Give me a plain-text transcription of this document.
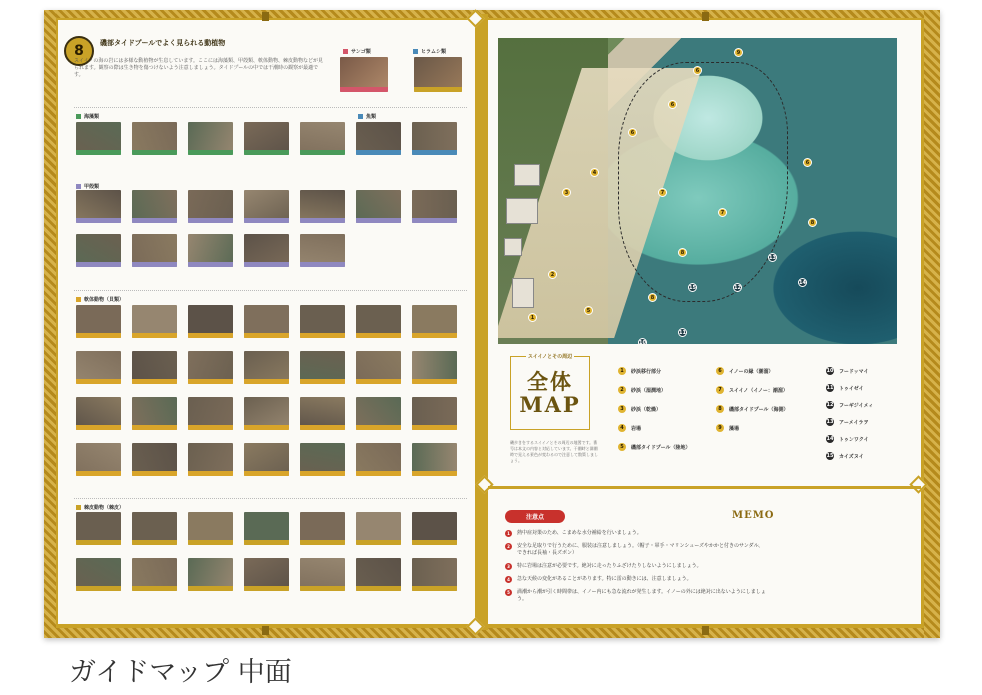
8	磯部タイドプールでよく見られる動植物
スイイノの海の岩には多様な動植物が生息しています。ここには海藻類、甲殻類、軟体動物、棘皮動物などが見られます。観察の際は生き物を傷つけないよう注意しましょう。タイドプールの中では干潮時の観察が最適です。
サンゴ類	ヒラムシ類
海藻類	魚類
甲殻類
軟体動物（貝類）
棘皮動物（棘皮）
1
2
3
4
5
6
6
6
7
7
8
8
9
8
6
10
11
12
13
14
15
スイイノとその周辺
全体
MAP
磯歩きをするスイイノとその周辺の地図です。番号は本文の内容と対応しています。干潮時と満潮時で見える景色が変わるので注意して散策しましょう。
1	砂浜移行部分
2	砂浜（湿潤地）
3	砂浜（乾燥）
4	岩場
5	磯部タイドプール（陸地）
6	イノーの縁（潮溜）
7	スイイノ（イノー：潮溜）
8	磯部タイドプール（海側）
9	藻場
10 フードッマイ
11 トゥイゼイ
12 フーギジイメィ
13 アーメイラヲ
14 トゥンワクイ
15 カイズヌイ
注意点	MEMO
1	熱中症対策のため、こまめな水分補給を行いましょう。
2	安全な足取りで行うために、服装は注意しましょう。（帽子・軍手・マリンシューズやかかと付きのサンダル、できれば長袖・長ズボン）
3	特に岩場は注意が必要です。絶対に走ったりふざけたりしないようにしましょう。
4	急な天候の変化があることがあります。特に雷の動きには、注意しましょう。
5	満潮から潮が引く時間帯は、イノー内にも急な流れが発生します。イノーの外には絶対に出ないようにしましょう。
ガイドマップ 中面
